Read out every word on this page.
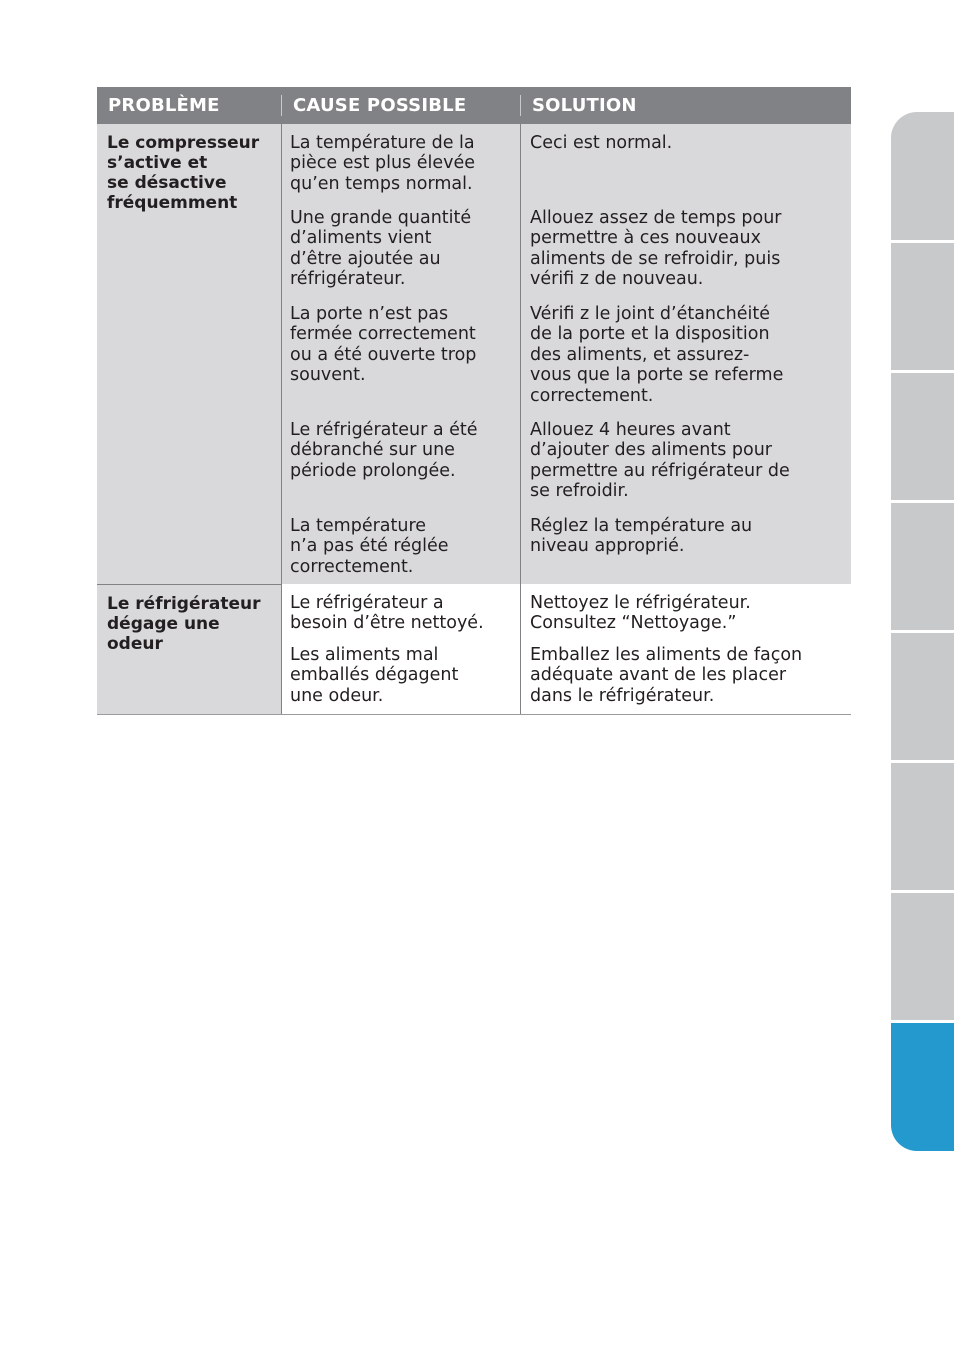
PROBLÈME	CAUSE POSSIBLE	SOLUTION
Le compresseur
s’active et
se désactive
fréquemment
La température de la
pièce est plus élevée
qu’en temps normal.
Ceci est normal.
Une grande quantité
d’aliments vient
d’être ajoutée au
réfrigérateur.
Allouez assez de temps pour
permettre à ces nouveaux
aliments de se refroidir, puis
vérifi z de nouveau.
La porte n’est pas
fermée correctement
ou a été ouverte trop
souvent.
Vérifi z le joint d’étanchéité
de la porte et la disposition
des aliments, et assurez-
vous que la porte se referme
correctement.
Le réfrigérateur a été
débranché sur une
période prolongée.
Allouez 4 heures avant
d’ajouter des aliments pour
permettre au réfrigérateur de
se refroidir.
La température
n’a pas été réglée
correctement.
Réglez la température au
niveau approprié.
Le réfrigérateur
dégage une
odeur
Le réfrigérateur a
besoin d’être nettoyé.
Nettoyez le réfrigérateur.
Consultez “Nettoyage.”
Les aliments mal
emballés dégagent
une odeur.
Emballez les aliments de façon
adéquate avant de les placer
dans le réfrigérateur.
